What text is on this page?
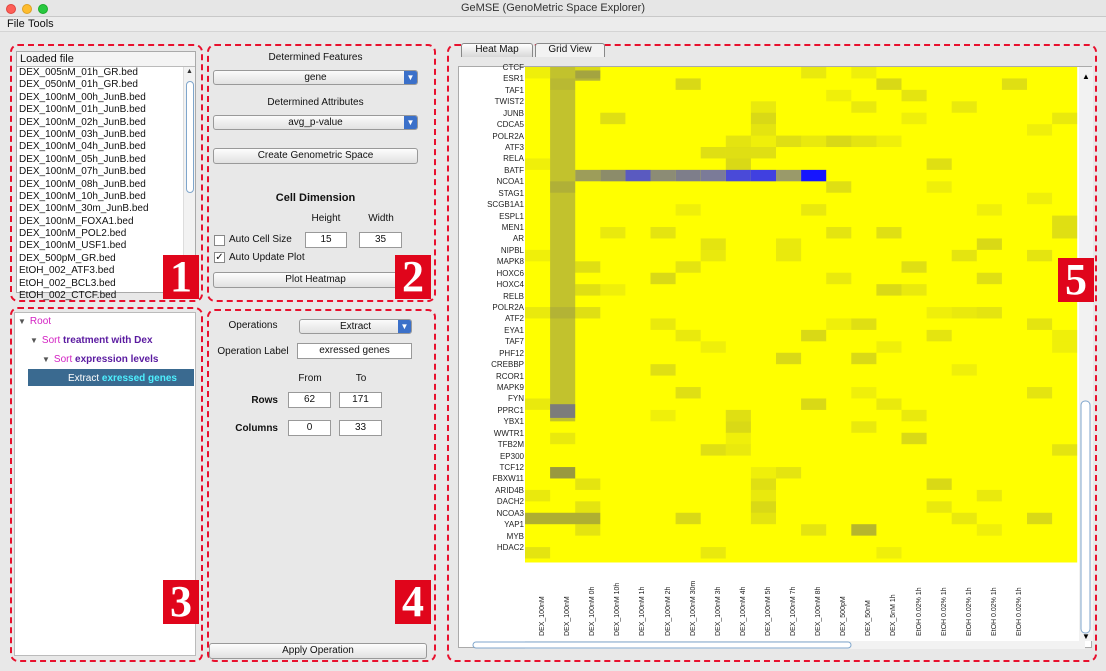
GeMSE (GenoMetric Space Explorer)
File Tools
Loaded file
DEX_005nM_01h_GR.bed
DEX_050nM_01h_GR.bed
DEX_100nM_00h_JunB.bed
DEX_100nM_01h_JunB.bed
DEX_100nM_02h_JunB.bed
DEX_100nM_03h_JunB.bed
DEX_100nM_04h_JunB.bed
DEX_100nM_05h_JunB.bed
DEX_100nM_07h_JunB.bed
DEX_100nM_08h_JunB.bed
DEX_100nM_10h_JunB.bed
DEX_100nM_30m_JunB.bed
DEX_100nM_FOXA1.bed
DEX_100nM_POL2.bed
DEX_100nM_USF1.bed
DEX_500pM_GR.bed
EtOH_002_ATF3.bed
EtOH_002_BCL3.bed
EtOH_002_CTCF.bed
▲
1
Determined Features
gene	▼
Determined Attributes
avg_p-value	▼
Create Genometric Space
Cell Dimension
Height	Width
Auto Cell Size	15	35
✓ Auto Update Plot
Plot Heatmap	2
▼ Root
▼ Sort treatment with Dex
▼ Sort expression levels
Extract exressed genes
3
Operations	Extract	▼
Operation Label	exressed genes
From	To
Rows	62	171
Columns	0	33
Apply Operation
4
Heat Map	Grid View
▲
▼
CTCF
ESR1
TAF1
TWIST2
JUNB
CDCA5
POLR2A
ATF3
RELA
BATF
NCOA1
STAG1
SCGB1A1
ESPL1
MEN1
AR
NIPBL
MAPK8
HOXC6
HOXC4
RELB
POLR2A
ATF2
EYA1
TAF7
PHF12
CREBBP
RCOR1
MAPK9
FYN
PPRC1
YBX1
WWTR1
TFB2M
EP300
TCF12
FBXW11
ARID4B
DACH2
NCOA3
YAP1
MYB
HDAC2
DEX_100nM	DEX_100nM	DEX_100nM 0h	DEX_100nM 10h	DEX_100nM 1h	DEX_100nM 2h	DEX_100nM 30m	DEX_100nM 3h	DEX_100nM 4h	DEX_100nM 5h	DEX_100nM 7h	DEX_100nM 8h	DEX_500pM	DEX_50nM	DEX_5nM 1h	EtOH 0.02% 1h	EtOH 0.02% 1h	EtOH 0.02% 1h	EtOH 0.02% 1h	EtOH 0.02% 1h
5
